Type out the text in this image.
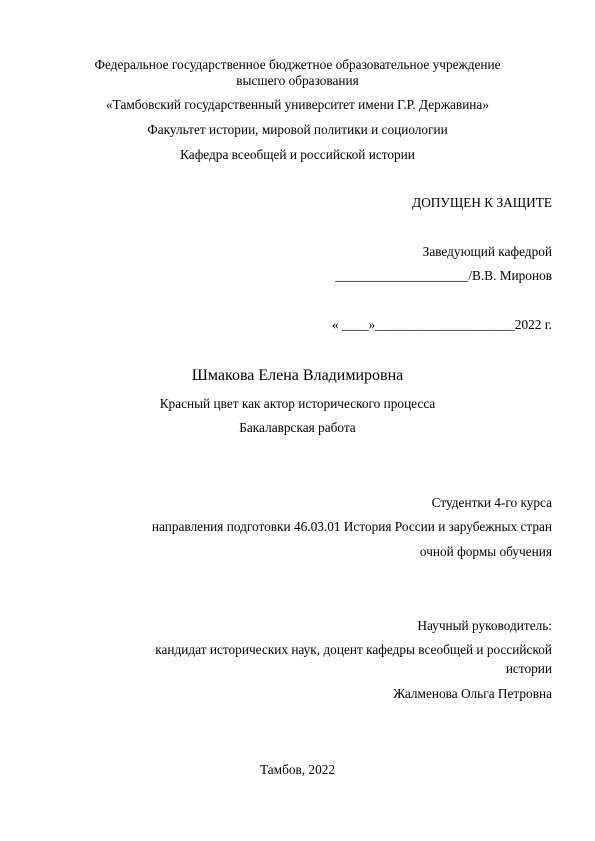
Федеральное государственное бюджетное образовательное учреждение
высшего образования
«Тамбовский государственный университет имени Г.Р. Державина»
Факультет истории, мировой политики и социологии
Кафедра всеобщей и российской истории
ДОПУЩЕН К ЗАЩИТЕ
Заведующий кафедрой
____________________/В.В. Миронов
« ____»_____________________2022 г.
Шмакова Елена Владимировна
Красный цвет как актор исторического процесса
Бакалаврская работа
Студентки 4-го курса
направления подготовки 46.03.01 История России и зарубежных стран
очной формы обучения
Научный руководитель:
кандидат исторических наук, доцент кафедры всеобщей и российской
истории
Жалменова Ольга Петровна
Тамбов, 2022
